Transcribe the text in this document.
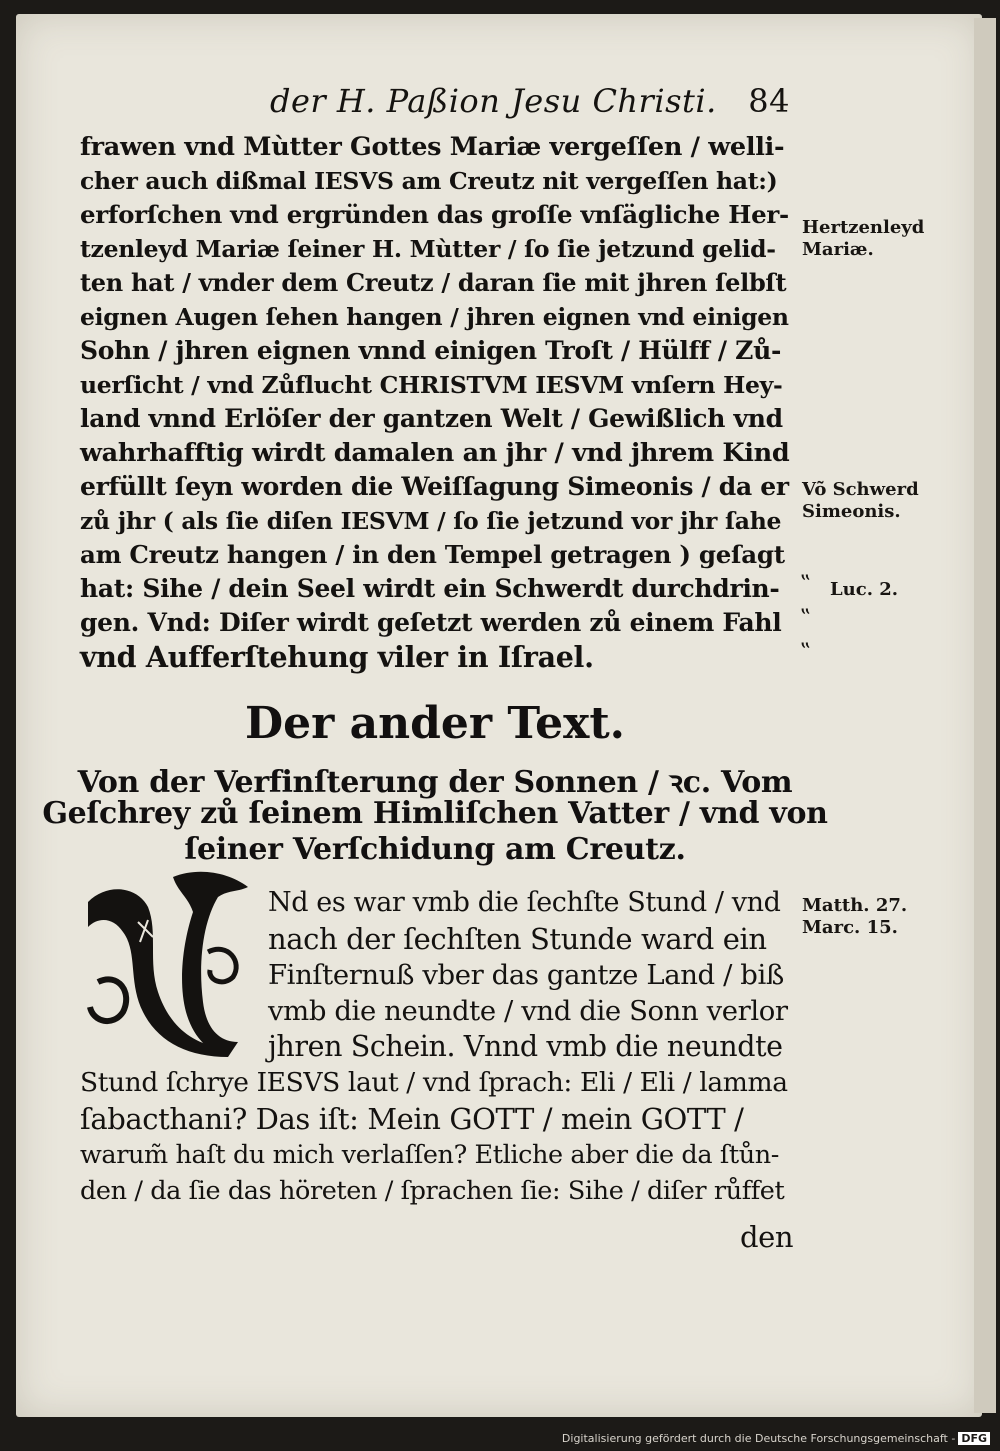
der H. Paßion Jesu Christi. 84
frawen vnd Mùtter Gottes Mariæ vergeſſen / welli-
cher auch dißmal IESVS am Creutz nit vergeſſen hat:)
erforſchen vnd ergründen das groſſe vnſägliche Her-
tzenleyd Mariæ ſeiner H. Mùtter / ſo ſie jetzund gelid-
ten hat / vnder dem Creutz / daran ſie mit jhren ſelbſt
eignen Augen ſehen hangen / jhren eignen vnd einigen
Sohn / jhren eignen vnnd einigen Troſt / Hülff / Zů-
uerſicht / vnd Zůflucht CHRISTVM IESVM vnſern Hey-
land vnnd Erlöſer der gantzen Welt / Gewißlich vnd
wahrhafftig wirdt damalen an jhr / vnd jhrem Kind
erfüllt ſeyn worden die Weiſſagung Simeonis / da er
zů jhr ( als ſie diſen IESVM / ſo ſie jetzund vor jhr ſahe
am Creutz hangen / in den Tempel getragen ) geſagt
hat: Sihe / dein Seel wirdt ein Schwerdt durchdrin-
gen. Vnd: Diſer wirdt geſetzt werden zů einem Fahl
vnd Aufferſtehung viler in Iſrael.
Hertzenleyd
Mariæ.
Võ Schwerd
Simeonis.
‟ Luc. 2.
‟
‟
Der ander Text.
Von der Verfinſterung der Sonnen / ꝛc. Vom
Geſchrey zů ſeinem Himliſchen Vatter / vnd von
ſeiner Verſchidung am Creutz.
Nd es war vmb die ſechſte Stund / vnd
nach der ſechſten Stunde ward ein
Finſternuß vber das gantze Land / biß
vmb die neundte / vnd die Sonn verlor
jhren Schein. Vnnd vmb die neundte
Stund ſchrye IESVS laut / vnd ſprach: Eli / Eli / lamma
ſabacthani? Das iſt: Mein GOTT / mein GOTT /
warum̃ haſt du mich verlaſſen? Etliche aber die da ſtůn-
den / da ſie das höreten / ſprachen ſie: Sihe / diſer růffet
den
Matth. 27.
Marc. 15.
Digitalisierung gefördert durch die Deutsche Forschungsgemeinschaft - DFG
